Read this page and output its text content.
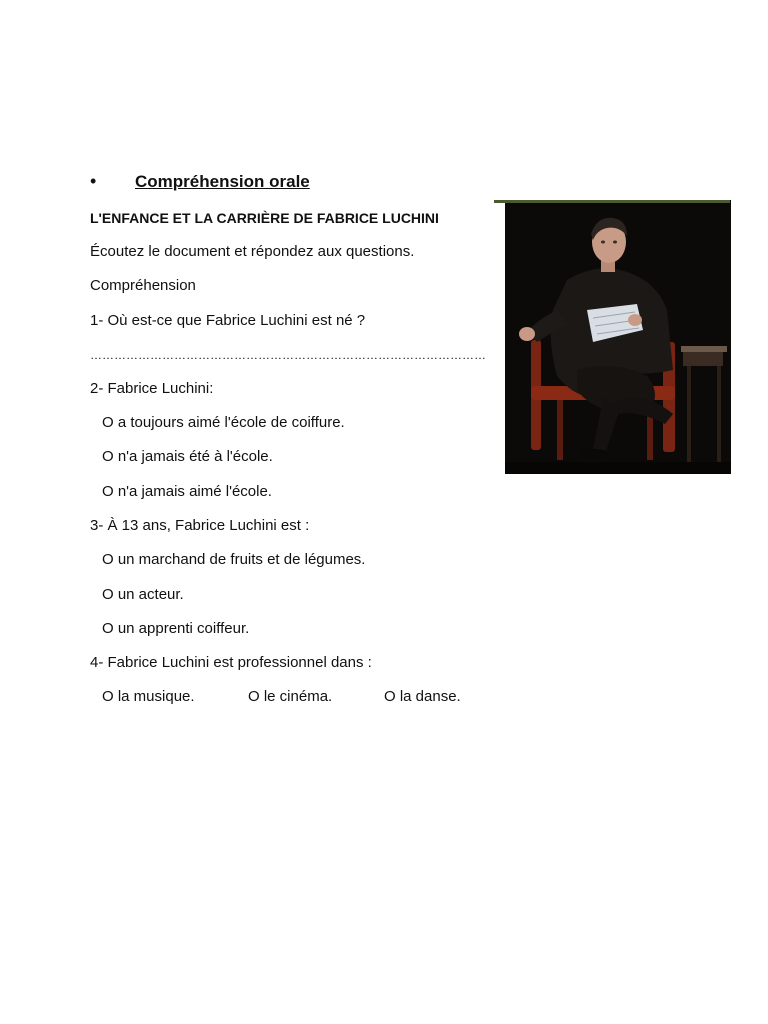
• Compréhension orale
L'ENFANCE ET LA CARRIÈRE DE FABRICE LUCHINI
Écoutez le document et répondez aux questions.
Compréhension
1- Où est-ce que Fabrice Luchini est né ?
………………………………………………………………………………………
2- Fabrice Luchini:
O a toujours aimé l'école de coiffure.
O n'a jamais été à l'école.
O n'a jamais aimé l'école.
3- À 13 ans, Fabrice Luchini est :
O un marchand de fruits et de légumes.
O un acteur.
O un apprenti coiffeur.
4- Fabrice Luchini est professionnel dans :
O la musique.	O le cinéma.	O la danse.
